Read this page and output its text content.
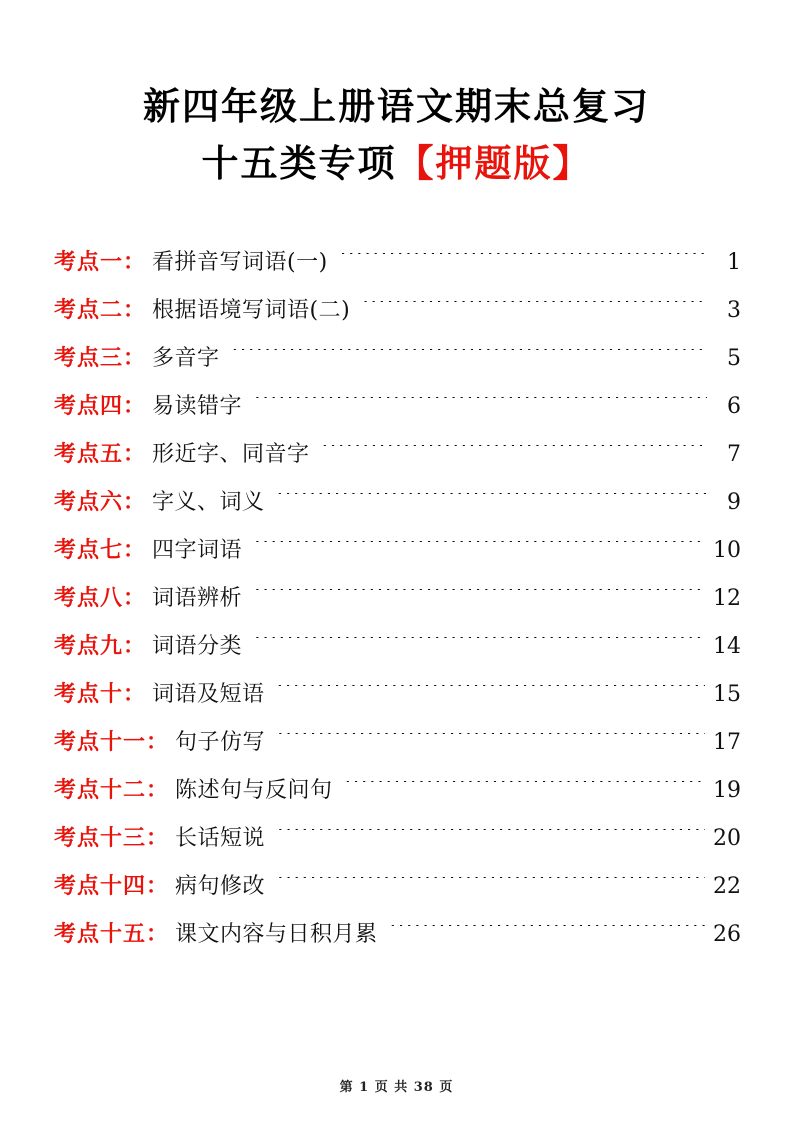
新四年级上册语文期末总复习
十五类专项【押题版】
考点一： 看拼音写词语(一) ·····	1
考点二： 根据语境写词语(二) ·····	3
考点三： 多音字 ·····	5
考点四： 易读错字 ·····	6
考点五： 形近字、同音字 ·····	7
考点六： 字义、词义 ·····	9
考点七： 四字词语 ·····	10
考点八： 词语辨析 ·····	12
考点九： 词语分类 ·····	14
考点十： 词语及短语 ·····	15
考点十一： 句子仿写 ·····	17
考点十二： 陈述句与反问句 ·····	19
考点十三： 长话短说 ·····	20
考点十四： 病句修改 ·····	22
考点十五： 课文内容与日积月累 ·····	26
第 1 页 共 38 页
